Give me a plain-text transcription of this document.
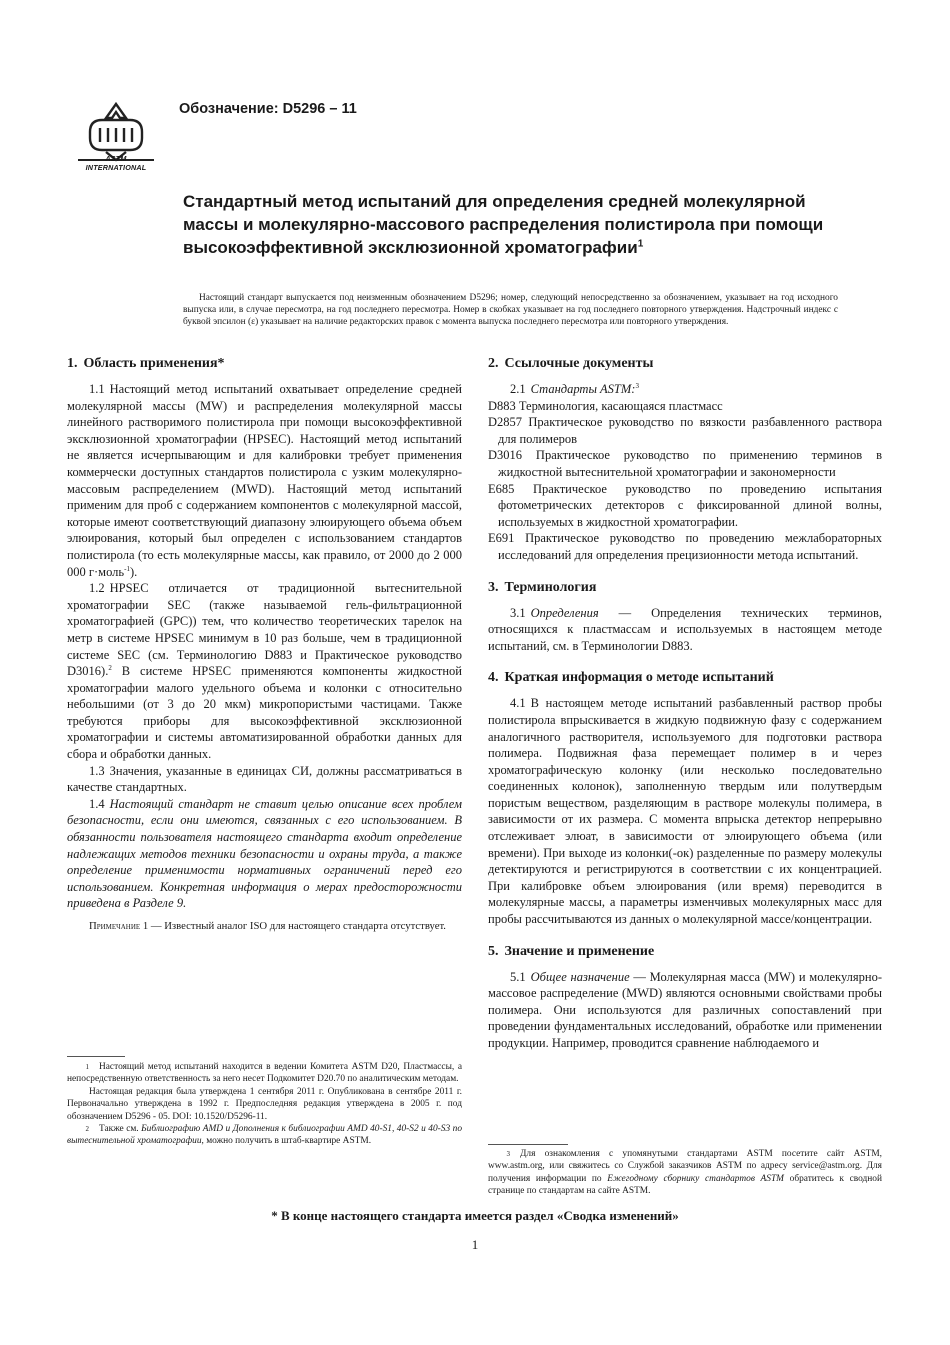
ASTM INTERNATIONAL
Обозначение: D5296 – 11
Стандартный метод испытаний для определения средней молекулярной массы и молекулярно-массового распределения полистирола при помощи высокоэффективной эксклюзионной хроматографии$^1$

Настоящий стандарт выпускается под неизменным обозначением D5296; номер, следующий непосредственно за обозначением, указывает на год исходного выпуска или, в случае пересмотра, на год последнего пересмотра. Номер в скобках указывает на год последнего повторного утверждения. Надстрочный индекс с буквой эпсилон (ε) указывает на наличие редакторских правок с момента выпуска последнего пересмотра или повторного утверждения.

1. Область применения*

1.1 Настоящий метод испытаний охватывает определение средней молекулярной массы (MW) и распределения молекулярной массы линейного растворимого полистирола при помощи высокоэффективной эксклюзионной хроматографии (HPSEC). Настоящий метод испытаний не является исчерпывающим и для калибровки требует применения коммерчески доступных стандартов полистирола с узким молекулярно-массовым распределением (MWD). Настоящий метод испытаний применим для проб с содержанием компонентов с молекулярной массой, которые имеют соответствующий диапазону элюирующего объема объем элюирования, который был определен с использованием стандартов полистирола (то есть молекулярные массы, как правило, от 2000 до 2 000 000 г·моль$^{-1}$).

1.2 HPSEC отличается от традиционной вытеснительной хроматографии SEC (также называемой гель-фильтрационной хроматографией (GPC)) тем, что количество теоретических тарелок на метр в системе HPSEC минимум в 10 раз больше, чем в традиционной системе SEC (см. Терминологию D883 и Практическое руководство D3016).$^2$ В системе HPSEC применяются компоненты жидкостной хроматографии малого удельного объема и колонки с относительно небольшими (от 3 до 20 мкм) микропористыми частицами. Также требуются приборы для высокоэффективной эксклюзионной хроматографии и системы автоматизированной обработки данных для сбора и обработки данных.

1.3 Значения, указанные в единицах СИ, должны рассматриваться в качестве стандартных.

1.4 Настоящий стандарт не ставит целью описание всех проблем безопасности, если они имеются, связанных с его использованием. В обязанности пользователя настоящего стандарта входит определение надлежащих методов техники безопасности и охраны труда, а также определение применимости нормативных ограничений перед его использованием. Конкретная информация о мерах предосторожности приведена в Разделе 9.

Примечание 1 — Известный аналог ISO для настоящего стандарта отсутствует.

2. Ссылочные документы
2.1 Стандарты ASTM:$^3$
D883 Терминология, касающаяся пластмасс
D2857 Практическое руководство по вязкости разбавленного раствора для полимеров
D3016 Практическое руководство по применению терминов в жидкостной вытеснительной хроматографии и закономерности
E685 Практическое руководство по проведению испытания фотометрических детекторов с фиксированной длиной волны, используемых в жидкостной хроматографии.
E691 Практическое руководство по проведению межлабораторных исследований для определения прецизионности метода испытаний.
3. Терминология

3.1 Определения — Определения технических терминов, относящихся к пластмассам и используемых в настоящем методе испытаний, см. в Терминологии D883.

4. Краткая информация о методе испытаний

4.1 В настоящем методе испытаний разбавленный раствор пробы полистирола впрыскивается в жидкую подвижную фазу с содержанием аналогичного растворителя, используемого для подготовки раствора полимера. Подвижная фаза перемещает полимер в и через хроматографическую колонку (или несколько последовательно соединенных колонок), заполненную твердым или полутвердым пористым веществом, разделяющим в растворе молекулы полимера, в зависимости от их размера. С момента впрыска детектор непрерывно отслеживает элюат, в зависимости от элюирующего объема (или времени). При выходе из колонки(-ок) разделенные по размеру молекулы детектируются и регистрируются в соответствии с их концентрацией. При калибровке объем элюирования (или время) переводится в молекулярные массы, а параметры изменчивых молекулярных масс для пробы рассчитываются из данных о молекулярной массе/концентрации.

5. Значение и применение

5.1 Общее назначение — Молекулярная масса (MW) и молекулярно-массовое распределение (MWD) являются основными свойствами пробы полимера. Они используются для различных сопоставлений при проведении фундаментальных исследований, обработке или применении продукции. Например, проводится сравнение наблюдаемого и

1 Настоящий метод испытаний находится в ведении Комитета ASTM D20, Пластмассы, а непосредственную ответственность за него несет Подкомитет D20.70 по аналитическим методам.

Настоящая редакция была утверждена 1 сентября 2011 г. Опубликована в сентябре 2011 г. Первоначально утверждена в 1992 г. Предпоследняя редакция утверждена в 2005 г. под обозначением D5296 - 05. DOI: 10.1520/D5296-11.

2 Также см. Библиографию AMD и Дополнения к библиографии AMD 40-S1, 40-S2 и 40-S3 по вытеснительной хроматографии, можно получить в штаб-квартире ASTM.

3 Для ознакомления с упомянутыми стандартами ASTM посетите сайт ASTM, www.astm.org, или свяжитесь со Службой заказчиков ASTM по адресу service@astm.org. Для получения информации по Ежегодному сборнику стандартов ASTM обратитесь к сводной странице по стандартам на сайте ASTM.

* В конце настоящего стандарта имеется раздел «Сводка изменений»
1
